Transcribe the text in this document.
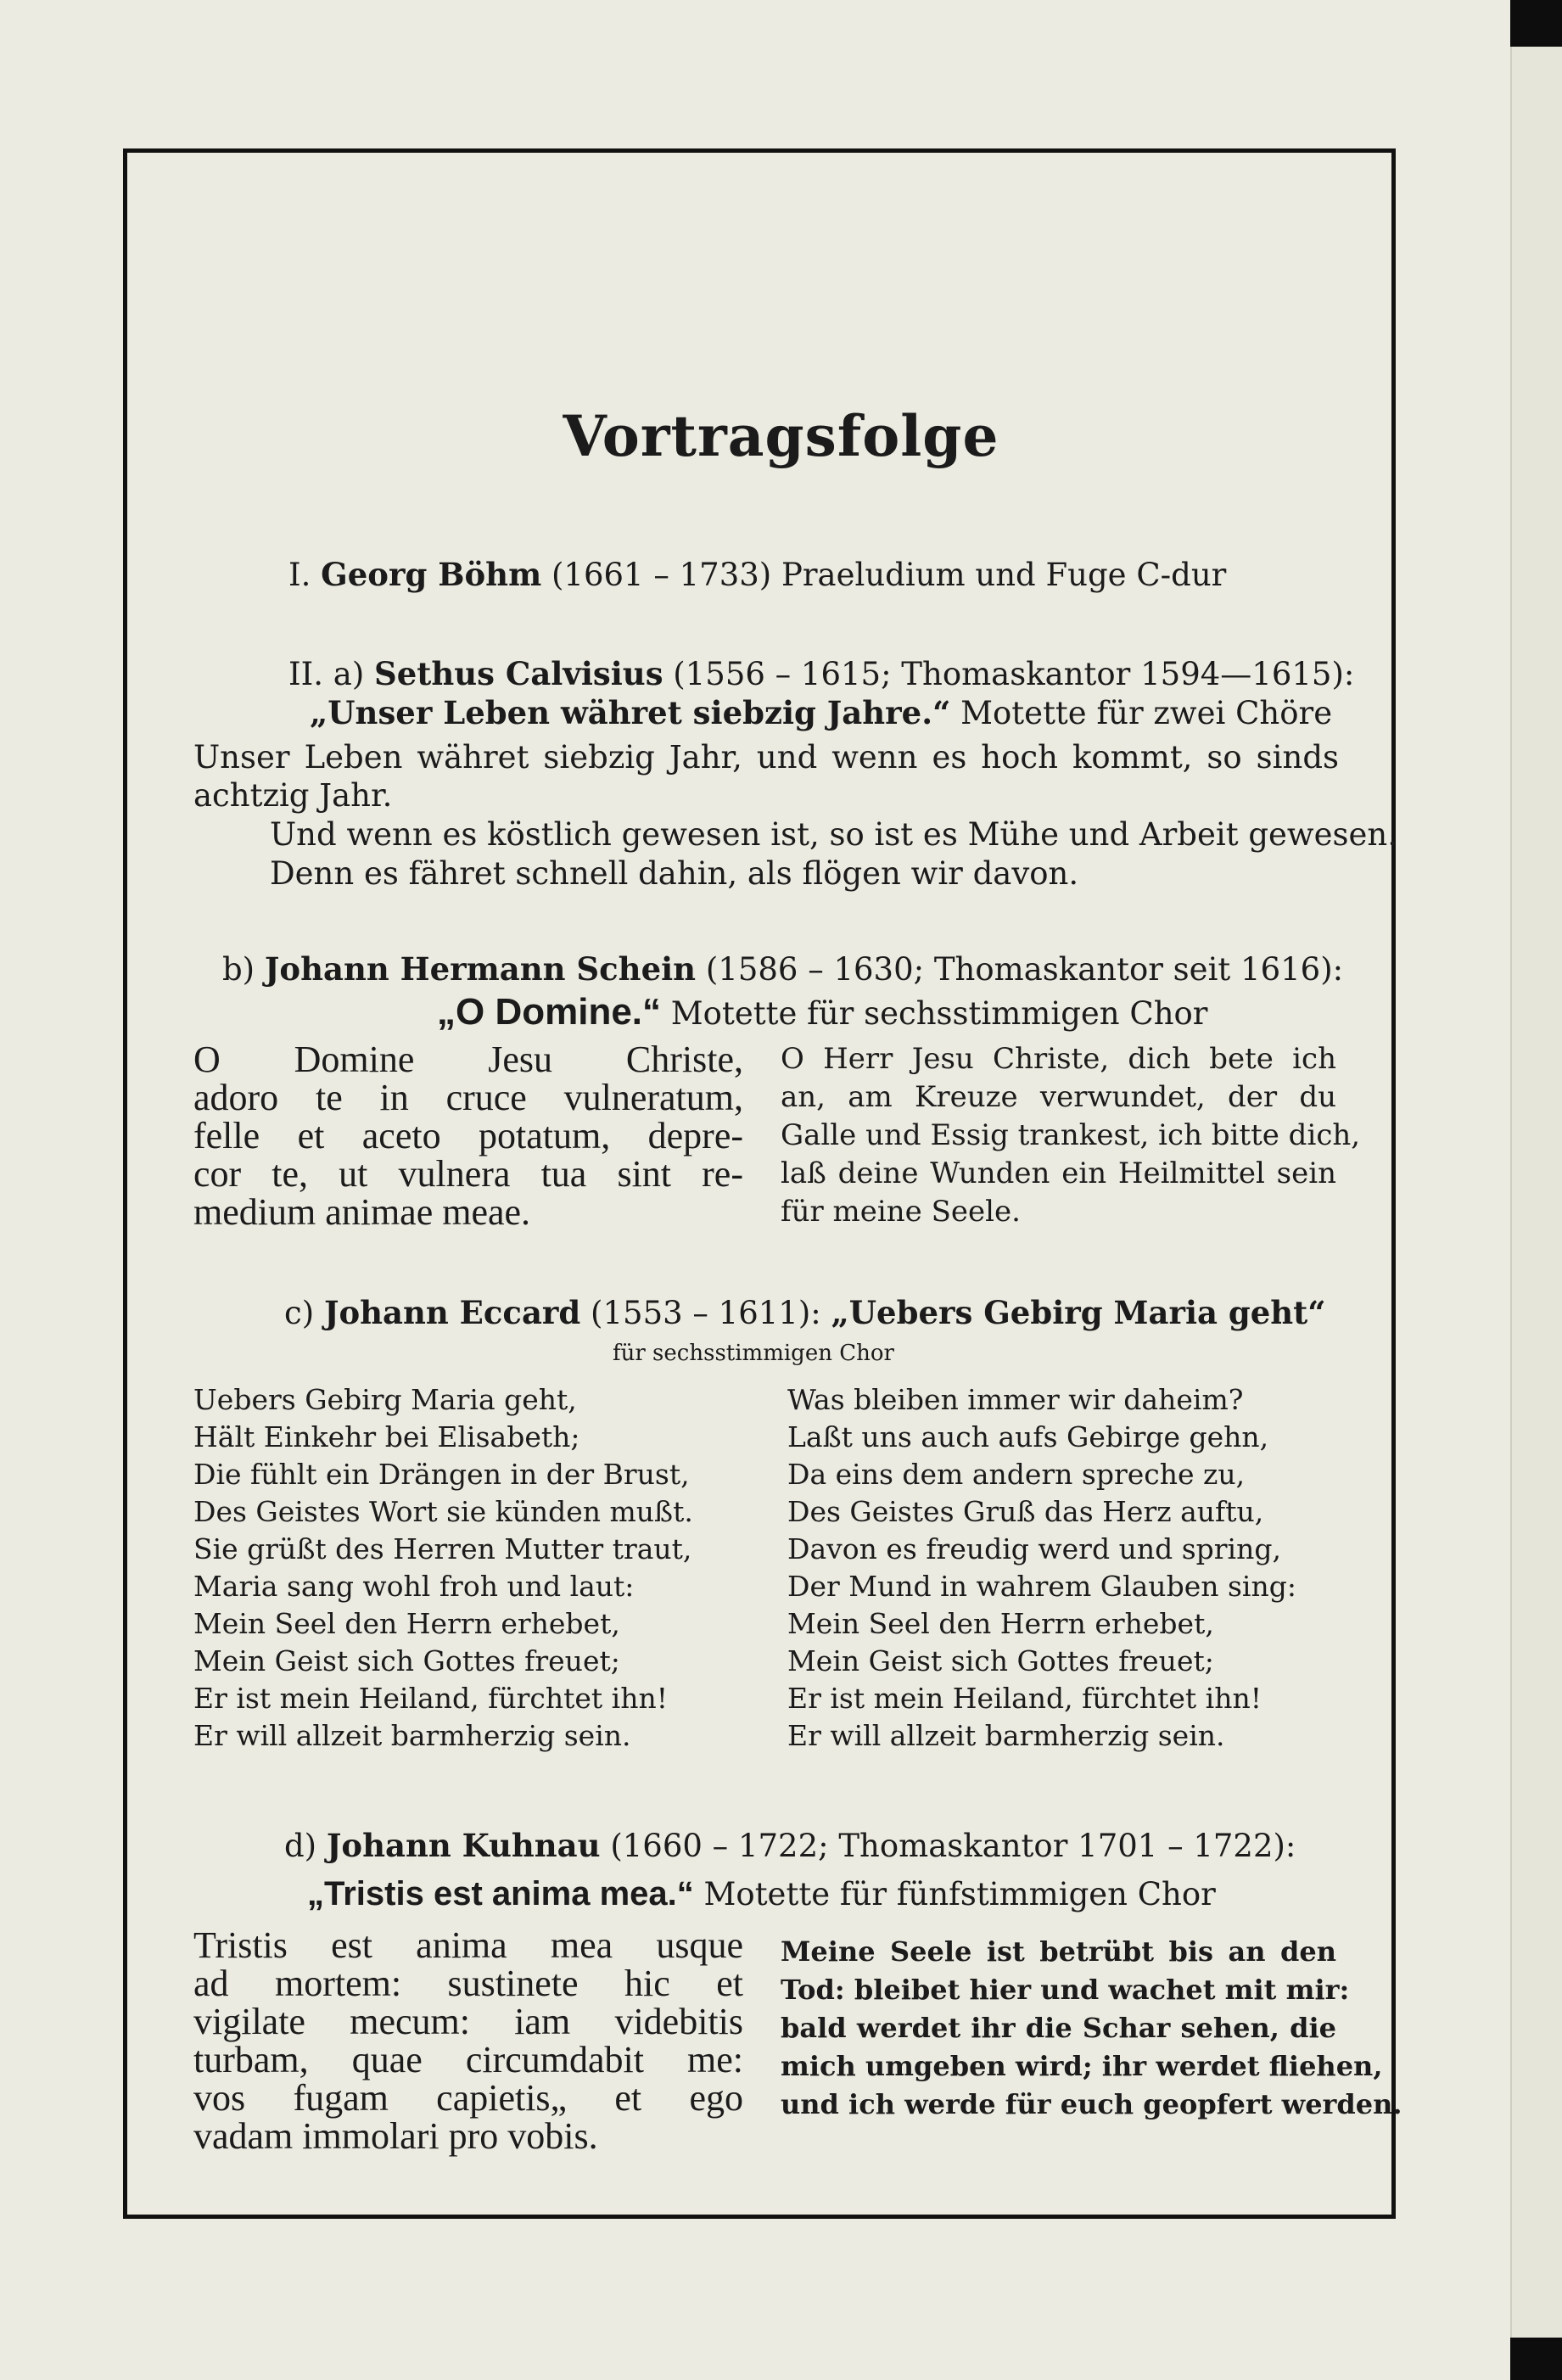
Vortragsfolge
I. Georg Böhm (1661 – 1733) Praeludium und Fuge C-dur
II. a) Sethus Calvisius (1556 – 1615; Thomaskantor 1594—1615):
„Unser Leben währet siebzig Jahre.“ Motette für zwei Chöre
Unser Leben währet siebzig Jahr, und wenn es hoch kommt, so sinds
achtzig Jahr.
Und wenn es köstlich gewesen ist, so ist es Mühe und Arbeit gewesen.
Denn es fähret schnell dahin, als flögen wir davon.
b) Johann Hermann Schein (1586 – 1630; Thomaskantor seit 1616):
„O Domine.“ Motette für sechsstimmigen Chor
O Domine Jesu Christe,
adoro te in cruce vulneratum,
felle et aceto potatum, depre-
cor te, ut vulnera tua sint re-
medium animae meae.
O Herr Jesu Christe, dich bete ich
an, am Kreuze verwundet, der du
Galle und Essig trankest, ich bitte dich,
laß deine Wunden ein Heilmittel sein
für meine Seele.
c) Johann Eccard (1553 – 1611): „Uebers Gebirg Maria geht“
für sechsstimmigen Chor
Uebers Gebirg Maria geht,
Hält Einkehr bei Elisabeth;
Die fühlt ein Drängen in der Brust,
Des Geistes Wort sie künden mußt.
Sie grüßt des Herren Mutter traut,
Maria sang wohl froh und laut:
Mein Seel den Herrn erhebet,
Mein Geist sich Gottes freuet;
Er ist mein Heiland, fürchtet ihn!
Er will allzeit barmherzig sein.
Was bleiben immer wir daheim?
Laßt uns auch aufs Gebirge gehn,
Da eins dem andern spreche zu,
Des Geistes Gruß das Herz auftu,
Davon es freudig werd und spring,
Der Mund in wahrem Glauben sing:
Mein Seel den Herrn erhebet,
Mein Geist sich Gottes freuet;
Er ist mein Heiland, fürchtet ihn!
Er will allzeit barmherzig sein.
d) Johann Kuhnau (1660 – 1722; Thomaskantor 1701 – 1722):
„Tristis est anima mea.“ Motette für fünfstimmigen Chor
Tristis est anima mea usque
ad mortem: sustinete hic et
vigilate mecum: iam videbitis
turbam, quae circumdabit me:
vos fugam capietis„ et ego
vadam immolari pro vobis.
Meine Seele ist betrübt bis an den
Tod: bleibet hier und wachet mit mir:
bald werdet ihr die Schar sehen, die
mich umgeben wird; ihr werdet fliehen,
und ich werde für euch geopfert werden.
